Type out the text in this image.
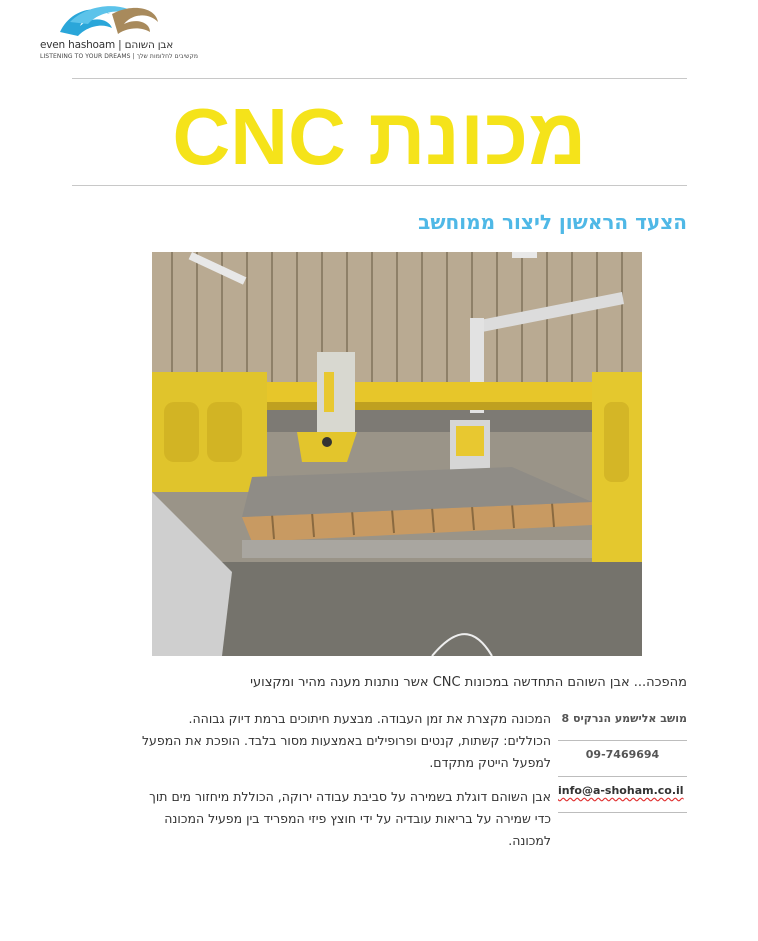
even hashoam | אבן השוהם
LISTENING TO YOUR DREAMS | מקשיבים לחלומות שלך
מכונת CNC
הצעד הראשון ליצור ממוחשב
מהפכה... אבן השוהם התחדשה במכונות CNC אשר נותנות מענה מהיר ומקצועי

המכונה מקצרת את זמן העבודה. מבצעת חיתוכים ברמת דיוק גבוהה.
הכוללים: קשתות, קנטים ופרופילים באמצעות מסור בלבד. הופכת את המפעל
למפעל הייטק מתקדם.

אבן השוהם דוגלת בשמירה על סביבת עבודה ירוקה, הכוללת מיחזור מים תוך
כדי שמירה על בריאות עובדיה על ידי חוצץ פיזי המפריד בין מפעיל המכונה
למכונה.

מושב אלישמע הנרקיס 8
09-7469694
info@a-shoham.co.il
